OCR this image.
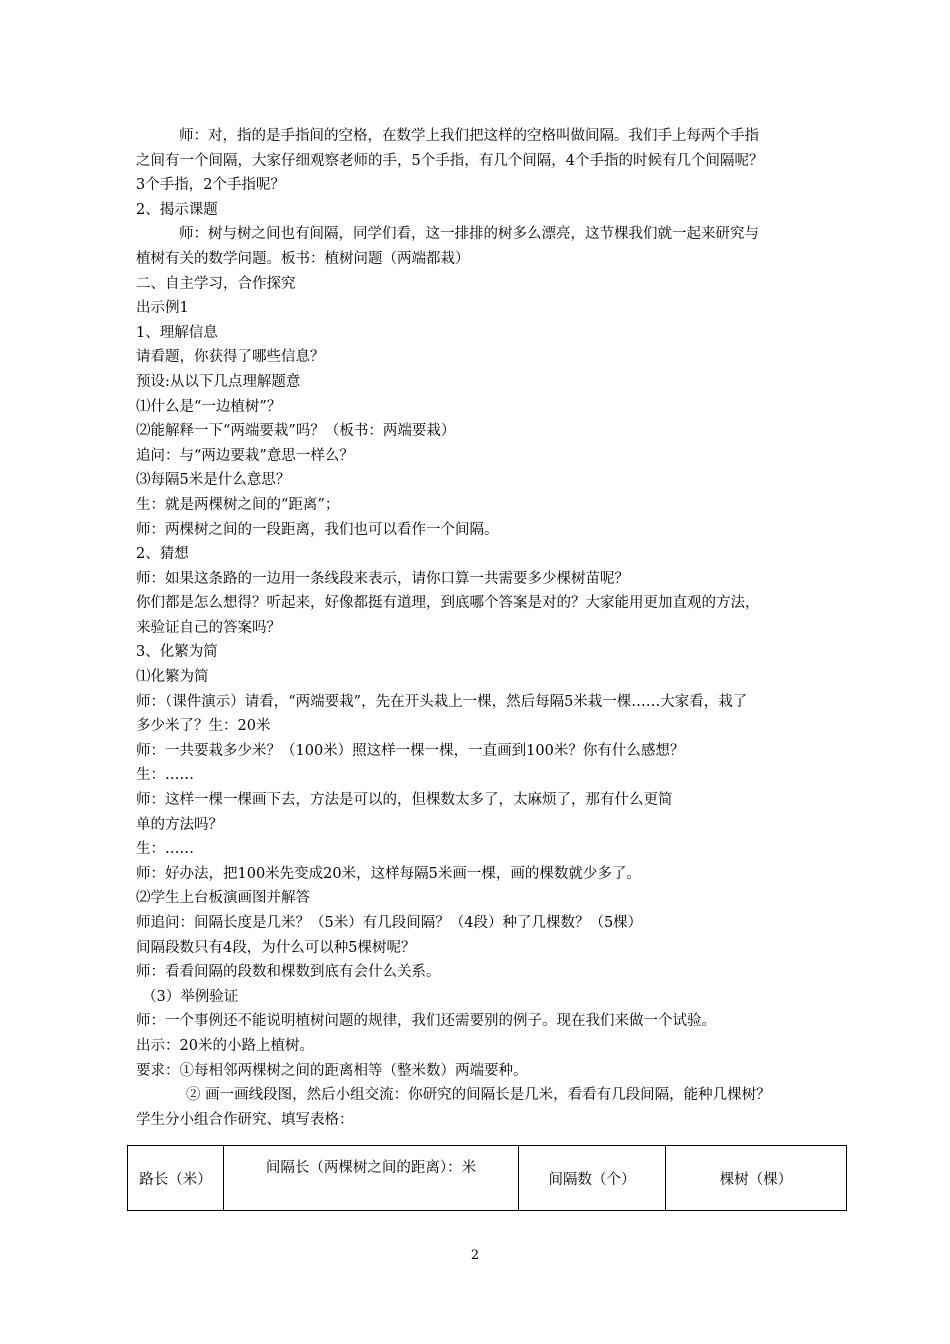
师：对，指的是手指间的空格，在数学上我们把这样的空格叫做间隔。我们手上每两个手指
之间有一个间隔，大家仔细观察老师的手，5个手指，有几个间隔，4个手指的时候有几个间隔呢？
3个手指，2个手指呢？
2、揭示课题
师：树与树之间也有间隔，同学们看，这一排排的树多么漂亮，这节棵我们就一起来研究与
植树有关的数学问题。板书：植树问题（两端都栽）
二、自主学习，合作探究
出示例1
1、理解信息
请看题，你获得了哪些信息？
预设:从以下几点理解题意
⑴什么是“一边植树”？
⑵能解释一下“两端要栽”吗？（板书：两端要栽）
追问：与“两边要栽”意思一样么？
⑶每隔5米是什么意思？
生：就是两棵树之间的“距离”；
师：两棵树之间的一段距离，我们也可以看作一个间隔。
2、猜想
师：如果这条路的一边用一条线段来表示，请你口算一共需要多少棵树苗呢？
你们都是怎么想得？听起来，好像都挺有道理，到底哪个答案是对的？大家能用更加直观的方法，
来验证自己的答案吗？
3、化繁为简
⑴化繁为简
师：（课件演示）请看，“两端要栽”，先在开头栽上一棵，然后每隔5米栽一棵……大家看，栽了
多少米了？生：20米
师：一共要栽多少米？（100米）照这样一棵一棵，一直画到100米？你有什么感想？
生：……
师：这样一棵一棵画下去，方法是可以的，但棵数太多了，太麻烦了，那有什么更简
单的方法吗？
生：……
师：好办法，把100米先变成20米，这样每隔5米画一棵，画的棵数就少多了。
⑵学生上台板演画图并解答
师追问：间隔长度是几米？（5米）有几段间隔？（4段）种了几棵数？（5棵）
间隔段数只有4段，为什么可以种5棵树呢？
师：看看间隔的段数和棵数到底有会什么关系。
（3）举例验证
师：一个事例还不能说明植树问题的规律，我们还需要别的例子。现在我们来做一个试验。
出示：20米的小路上植树。
要求：①每相邻两棵树之间的距离相等（整米数）两端要种。
② 画一画线段图，然后小组交流：你研究的间隔长是几米，看看有几段间隔，能种几棵树？
学生分小组合作研究、填写表格：
路长（米）	间隔长（两棵树之间的距离）：米	间隔数（个）	棵树（棵）
2
